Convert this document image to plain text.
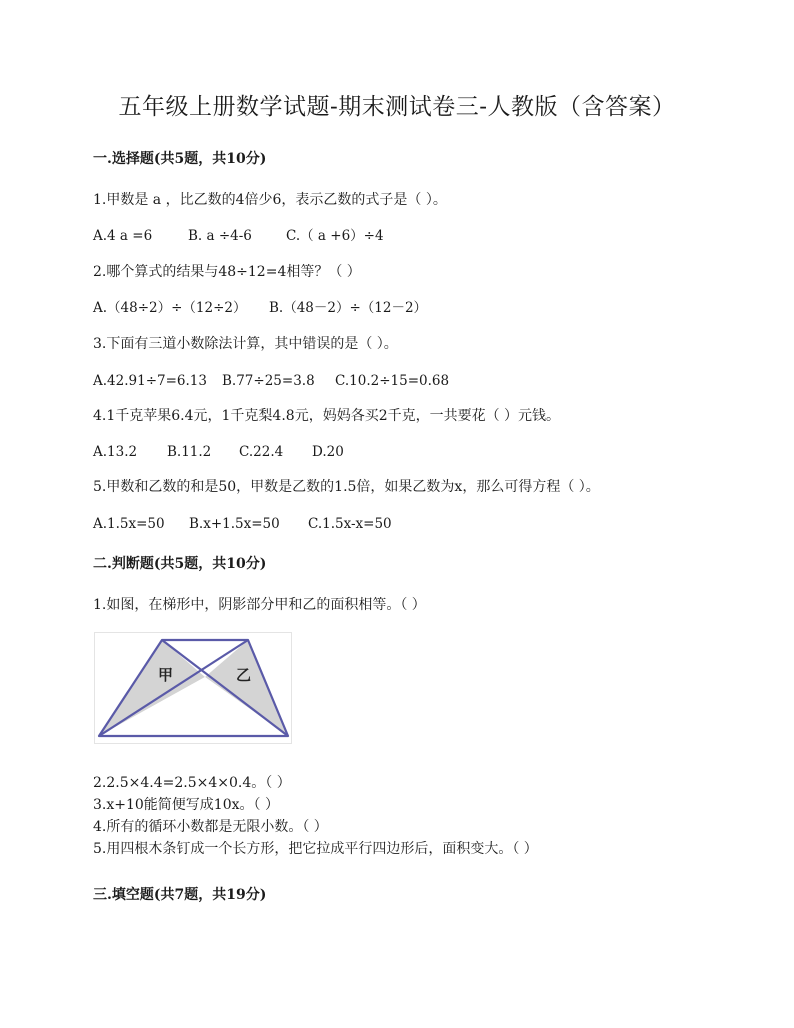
五年级上册数学试题-期末测试卷三-人教版（含答案）
一.选择题(共5题，共10分)
1.甲数是 a ，比乙数的4倍少6，表示乙数的式子是（ ）。
A.4 a =6	B. a ÷4-6	C.（ a +6）÷4
2.哪个算式的结果与48÷12=4相等？（ ）
A.（48÷2）÷（12÷2） B.（48－2）÷（12－2）
3.下面有三道小数除法计算，其中错误的是（ ）。
A.42.91÷7=6.13 B.77÷25=3.8 C.10.2÷15=0.68
4.1千克苹果6.4元，1千克梨4.8元，妈妈各买2千克，一共要花（ ）元钱。
A.13.2 B.11.2 C.22.4 D.20
5.甲数和乙数的和是50，甲数是乙数的1.5倍，如果乙数为x，那么可得方程（ ）。
A.1.5x=50 B.x+1.5x=50 C.1.5x-x=50
二.判断题(共5题，共10分)
1.如图，在梯形中，阴影部分甲和乙的面积相等。（ ）
甲	乙
2.2.5×4.4=2.5×4×0.4。（ ）
3.x+10能简便写成10x。（ ）
4.所有的循环小数都是无限小数。（ ）
5.用四根木条钉成一个长方形，把它拉成平行四边形后，面积变大。（ ）
三.填空题(共7题，共19分)
